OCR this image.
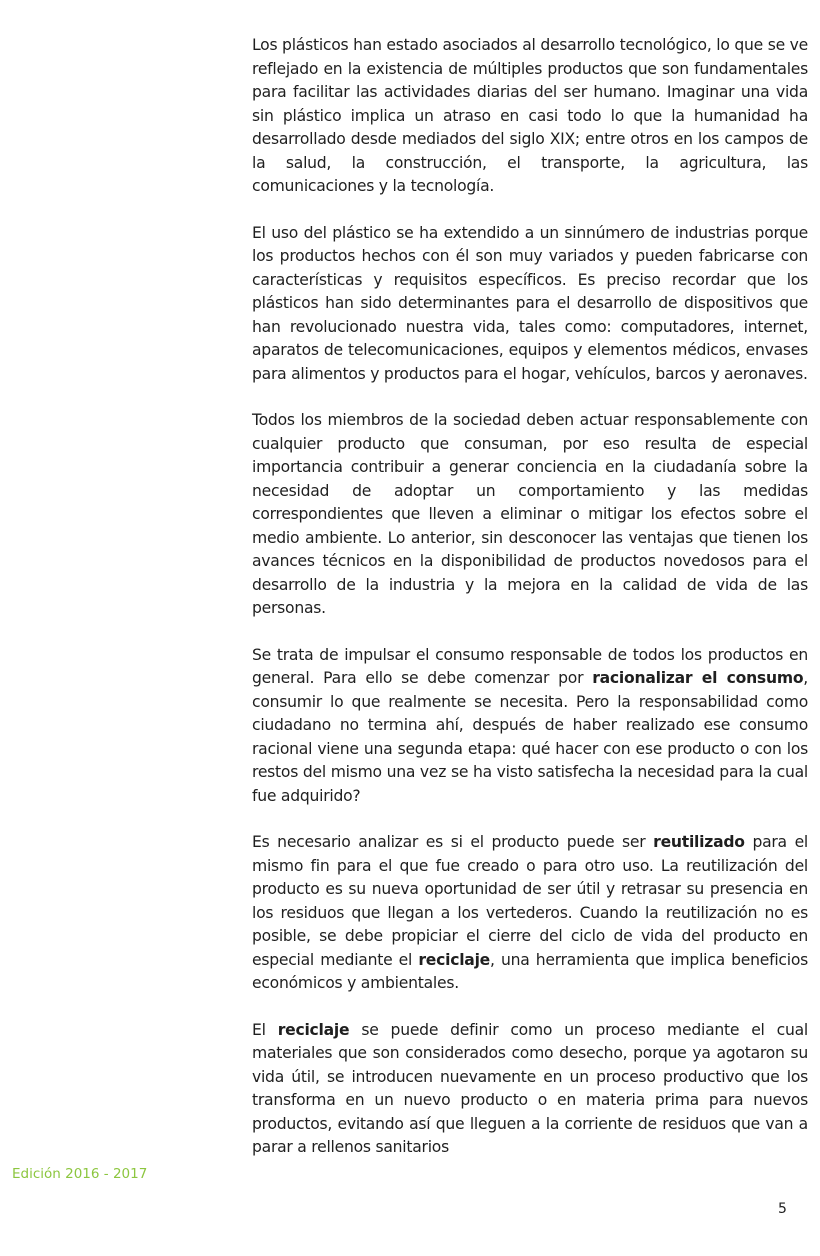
Los plásticos han estado asociados al desarrollo tecnológico, lo que se ve reflejado en la existencia de múltiples productos que son fundamentales para facilitar las actividades diarias del ser humano. Imaginar una vida sin plástico implica un atraso en casi todo lo que la humanidad ha desarrollado desde mediados del siglo XIX; entre otros en los campos de la salud, la construcción, el transporte, la agricultura, las comunicaciones y la tecnología.

El uso del plástico se ha extendido a un sinnúmero de industrias porque los productos hechos con él son muy variados y pueden fabricarse con características y requisitos específicos. Es preciso recordar que los plásticos han sido determinantes para el desarrollo de dispositivos que han revolucionado nuestra vida, tales como: computadores, internet, aparatos de telecomunicaciones, equipos y elementos médicos, envases para alimentos y productos para el hogar, vehículos, barcos y aeronaves.

Todos los miembros de la sociedad deben actuar responsablemente con cualquier producto que consuman, por eso resulta de especial importancia contribuir a generar conciencia en la ciudadanía sobre la necesidad de adoptar un comportamiento y las medidas correspondientes que lleven a eliminar o mitigar los efectos sobre el medio ambiente. Lo anterior, sin desconocer las ventajas que tienen los avances técnicos en la disponibilidad de productos novedosos para el desarrollo de la industria y la mejora en la calidad de vida de las personas.

Se trata de impulsar el consumo responsable de todos los productos en general. Para ello se debe comenzar por racionalizar el consumo, consumir lo que realmente se necesita. Pero la responsabilidad como ciudadano no termina ahí, después de haber realizado ese consumo racional viene una segunda etapa: qué hacer con ese producto o con los restos del mismo una vez se ha visto satisfecha la necesidad para la cual fue adquirido?

Es necesario analizar es si el producto puede ser reutilizado para el mismo fin para el que fue creado o para otro uso. La reutilización del producto es su nueva oportunidad de ser útil y retrasar su presencia en los residuos que llegan a los vertederos. Cuando la reutilización no es posible, se debe propiciar el cierre del ciclo de vida del producto en especial mediante el reciclaje, una herramienta que implica beneficios económicos y ambientales.

El reciclaje se puede definir como un proceso mediante el cual materiales que son considerados como desecho, porque ya agotaron su vida útil, se introducen nuevamente en un proceso productivo que los transforma en un nuevo producto o en materia prima para nuevos productos, evitando así que lleguen a la corriente de residuos que van a parar a rellenos sanitarios

Edición 2016 - 2017
5
